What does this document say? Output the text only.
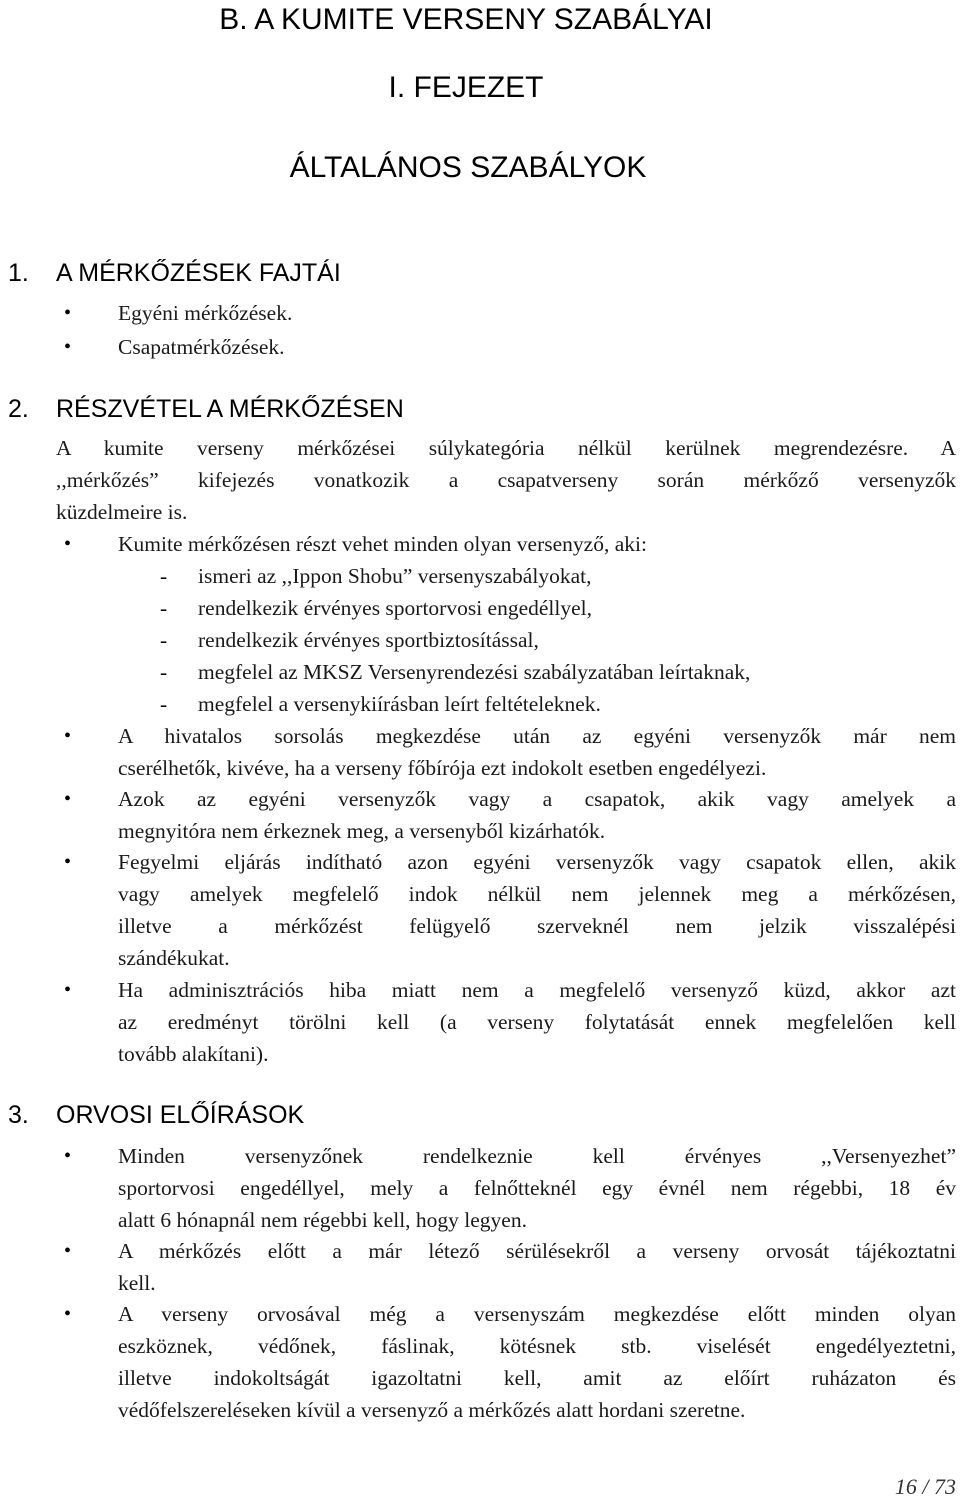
B. A KUMITE VERSENY SZABÁLYAI
I. FEJEZET
ÁLTALÁNOS SZABÁLYOK
1. A MÉRKŐZÉSEK FAJTÁI
• Egyéni mérkőzések.
• Csapatmérkőzések.
2. RÉSZVÉTEL A MÉRKŐZÉSEN
A kumite verseny mérkőzései súlykategória nélkül kerülnek megrendezésre. A
,,mérkőzés” kifejezés vonatkozik a csapatverseny során mérkőző versenyzők
küzdelmeire is.
• Kumite mérkőzésen részt vehet minden olyan versenyző, aki:
- ismeri az ,,Ippon Shobu” versenyszabályokat,
- rendelkezik érvényes sportorvosi engedéllyel,
- rendelkezik érvényes sportbiztosítással,
- megfelel az MKSZ Versenyrendezési szabályzatában leírtaknak,
- megfelel a versenykiírásban leírt feltételeknek.
• A hivatalos sorsolás megkezdése után az egyéni versenyzők már nem
cserélhetők, kivéve, ha a verseny főbírója ezt indokolt esetben engedélyezi.
• Azok az egyéni versenyzők vagy a csapatok, akik vagy amelyek a
megnyitóra nem érkeznek meg, a versenyből kizárhatók.
• Fegyelmi eljárás indítható azon egyéni versenyzők vagy csapatok ellen, akik
vagy amelyek megfelelő indok nélkül nem jelennek meg a mérkőzésen,
illetve a mérkőzést felügyelő szerveknél nem jelzik visszalépési
szándékukat.
• Ha adminisztrációs hiba miatt nem a megfelelő versenyző küzd, akkor azt
az eredményt törölni kell (a verseny folytatását ennek megfelelően kell
tovább alakítani).
3. ORVOSI ELŐÍRÁSOK
• Minden versenyzőnek rendelkeznie kell érvényes ,,Versenyezhet”
sportorvosi engedéllyel, mely a felnőtteknél egy évnél nem régebbi, 18 év
alatt 6 hónapnál nem régebbi kell, hogy legyen.
• A mérkőzés előtt a már létező sérülésekről a verseny orvosát tájékoztatni
kell.
• A verseny orvosával még a versenyszám megkezdése előtt minden olyan
eszköznek, védőnek, fáslinak, kötésnek stb. viselését engedélyeztetni,
illetve indokoltságát igazoltatni kell, amit az előírt ruházaton és
védőfelszereléseken kívül a versenyző a mérkőzés alatt hordani szeretne.
16 / 73
